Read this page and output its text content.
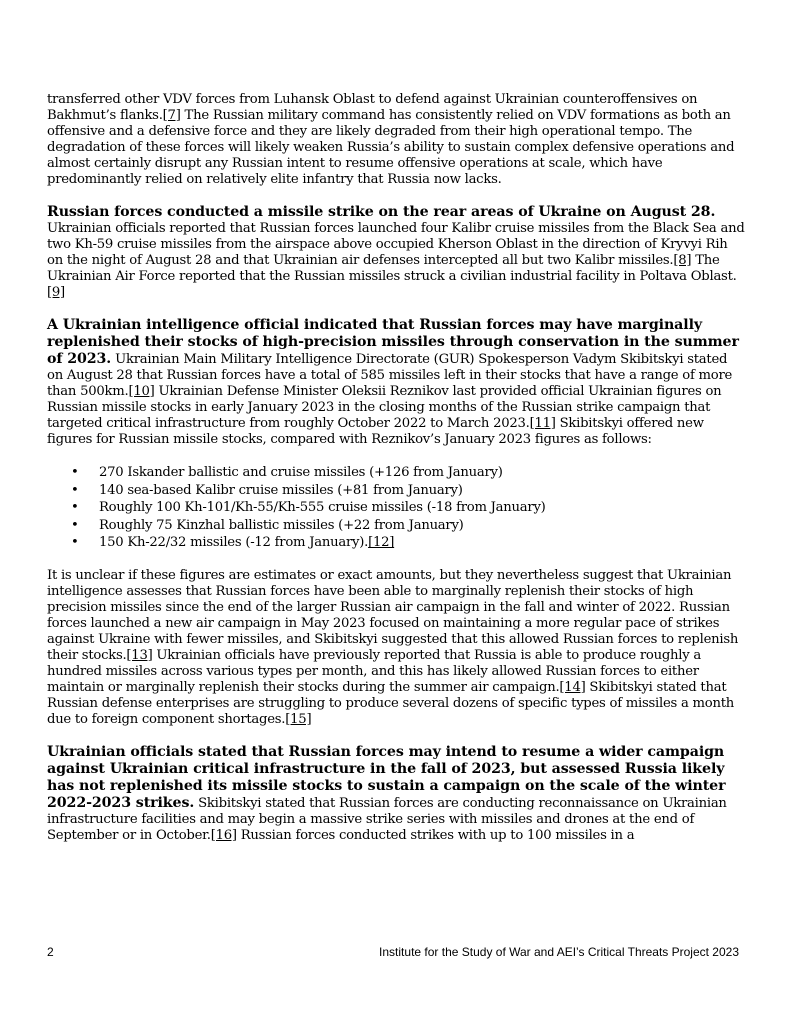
transferred other VDV forces from Luhansk Oblast to defend against Ukrainian counteroffensives on Bakhmut’s flanks.[7] The Russian military command has consistently relied on VDV formations as both an offensive and a defensive force and they are likely degraded from their high operational tempo. The degradation of these forces will likely weaken Russia’s ability to sustain complex defensive operations and almost certainly disrupt any Russian intent to resume offensive operations at scale, which have predominantly relied on relatively elite infantry that Russia now lacks.

Russian forces conducted a missile strike on the rear areas of Ukraine on August 28. Ukrainian officials reported that Russian forces launched four Kalibr cruise missiles from the Black Sea and two Kh-59 cruise missiles from the airspace above occupied Kherson Oblast in the direction of Kryvyi Rih on the night of August 28 and that Ukrainian air defenses intercepted all but two Kalibr missiles.[8] The Ukrainian Air Force reported that the Russian missiles struck a civilian industrial facility in Poltava Oblast.[9]

A Ukrainian intelligence official indicated that Russian forces may have marginally replenished their stocks of high-precision missiles through conservation in the summer of 2023. Ukrainian Main Military Intelligence Directorate (GUR) Spokesperson Vadym Skibitskyi stated on August 28 that Russian forces have a total of 585 missiles left in their stocks that have a range of more than 500km.[10] Ukrainian Defense Minister Oleksii Reznikov last provided official Ukrainian figures on Russian missile stocks in early January 2023 in the closing months of the Russian strike campaign that targeted critical infrastructure from roughly October 2022 to March 2023.[11] Skibitskyi offered new figures for Russian missile stocks, compared with Reznikov’s January 2023 figures as follows:

• 270 Iskander ballistic and cruise missiles (+126 from January)
• 140 sea-based Kalibr cruise missiles (+81 from January)
• Roughly 100 Kh-101/Kh-55/Kh-555 cruise missiles (-18 from January)
• Roughly 75 Kinzhal ballistic missiles (+22 from January)
• 150 Kh-22/32 missiles (-12 from January).[12]

It is unclear if these figures are estimates or exact amounts, but they nevertheless suggest that Ukrainian intelligence assesses that Russian forces have been able to marginally replenish their stocks of high precision missiles since the end of the larger Russian air campaign in the fall and winter of 2022. Russian forces launched a new air campaign in May 2023 focused on maintaining a more regular pace of strikes against Ukraine with fewer missiles, and Skibitskyi suggested that this allowed Russian forces to replenish their stocks.[13] Ukrainian officials have previously reported that Russia is able to produce roughly a hundred missiles across various types per month, and this has likely allowed Russian forces to either maintain or marginally replenish their stocks during the summer air campaign.[14] Skibitskyi stated that Russian defense enterprises are struggling to produce several dozens of specific types of missiles a month due to foreign component shortages.[15]

Ukrainian officials stated that Russian forces may intend to resume a wider campaign against Ukrainian critical infrastructure in the fall of 2023, but assessed Russia likely has not replenished its missile stocks to sustain a campaign on the scale of the winter 2022-2023 strikes. Skibitskyi stated that Russian forces are conducting reconnaissance on Ukrainian infrastructure facilities and may begin a massive strike series with missiles and drones at the end of September or in October.[16] Russian forces conducted strikes with up to 100 missiles in a

2	Institute for the Study of War and AEI’s Critical Threats Project 2023
